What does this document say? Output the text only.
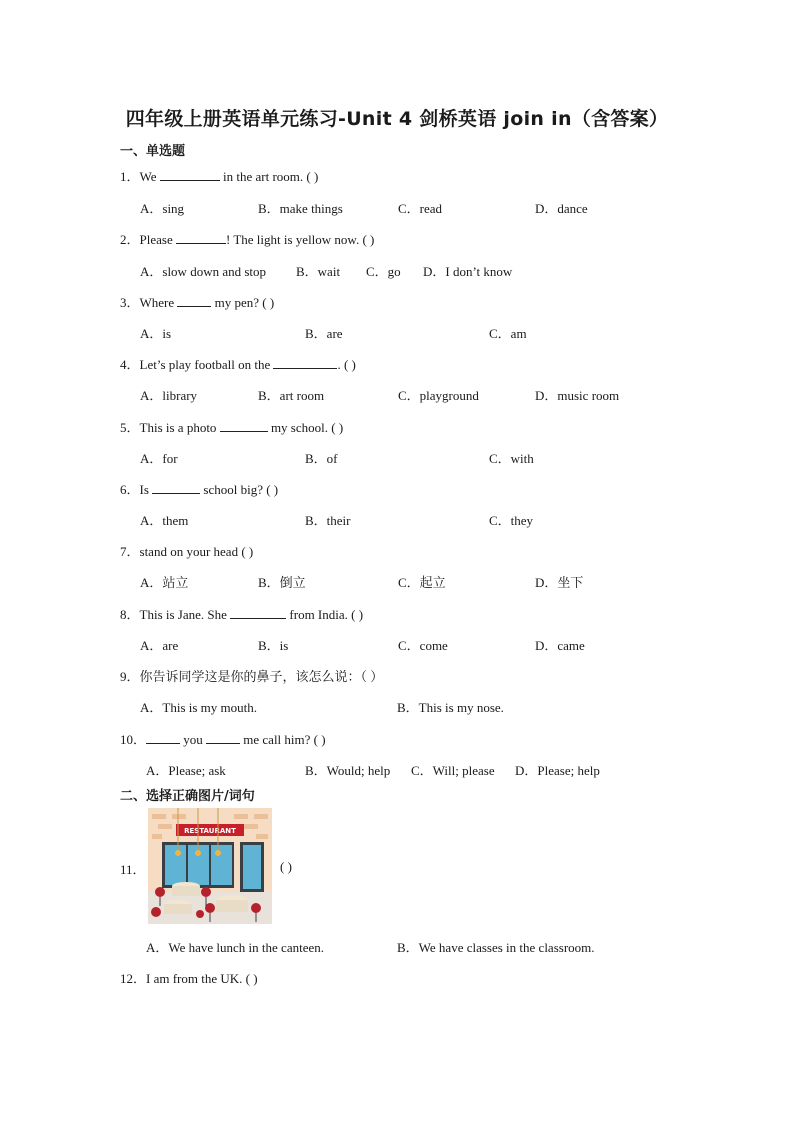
四年级上册英语单元练习-Unit 4 剑桥英语 join in（含答案）
一、单选题
1．We	in the art room. ( )
A．sing	B．make things	C．read	D．dance
2．Please	! The light is yellow now. ( )
A．slow down and stop B．wait C．go D．I don’t know
3．Where	my pen? ( )
A．is	B．are	C．am
4．Let’s play football on the	. ( )
A．library	B．art room	C．playground	D．music room
5．This is a photo	my school. ( )
A．for	B．of	C．with
6．Is	school big? ( )
A．them	B．their	C．they
7．stand on your head ( )
A．站立	B．倒立	C．起立	D．坐下
8．This is Jane. She	from India. ( )
A．are	B．is	C．come	D．came
9．你告诉同学这是你的鼻子，该怎么说：（ ）
A．This is my mouth.	B．This is my nose.
10．	you	me call him? ( )
A．Please; ask	B．Would; help C．Will; please D．Please; help
二、选择正确图片/词句
11．
RESTAURANT
( )
A．We have lunch in the canteen.	B．We have classes in the classroom.
12．I am from the UK. ( )
